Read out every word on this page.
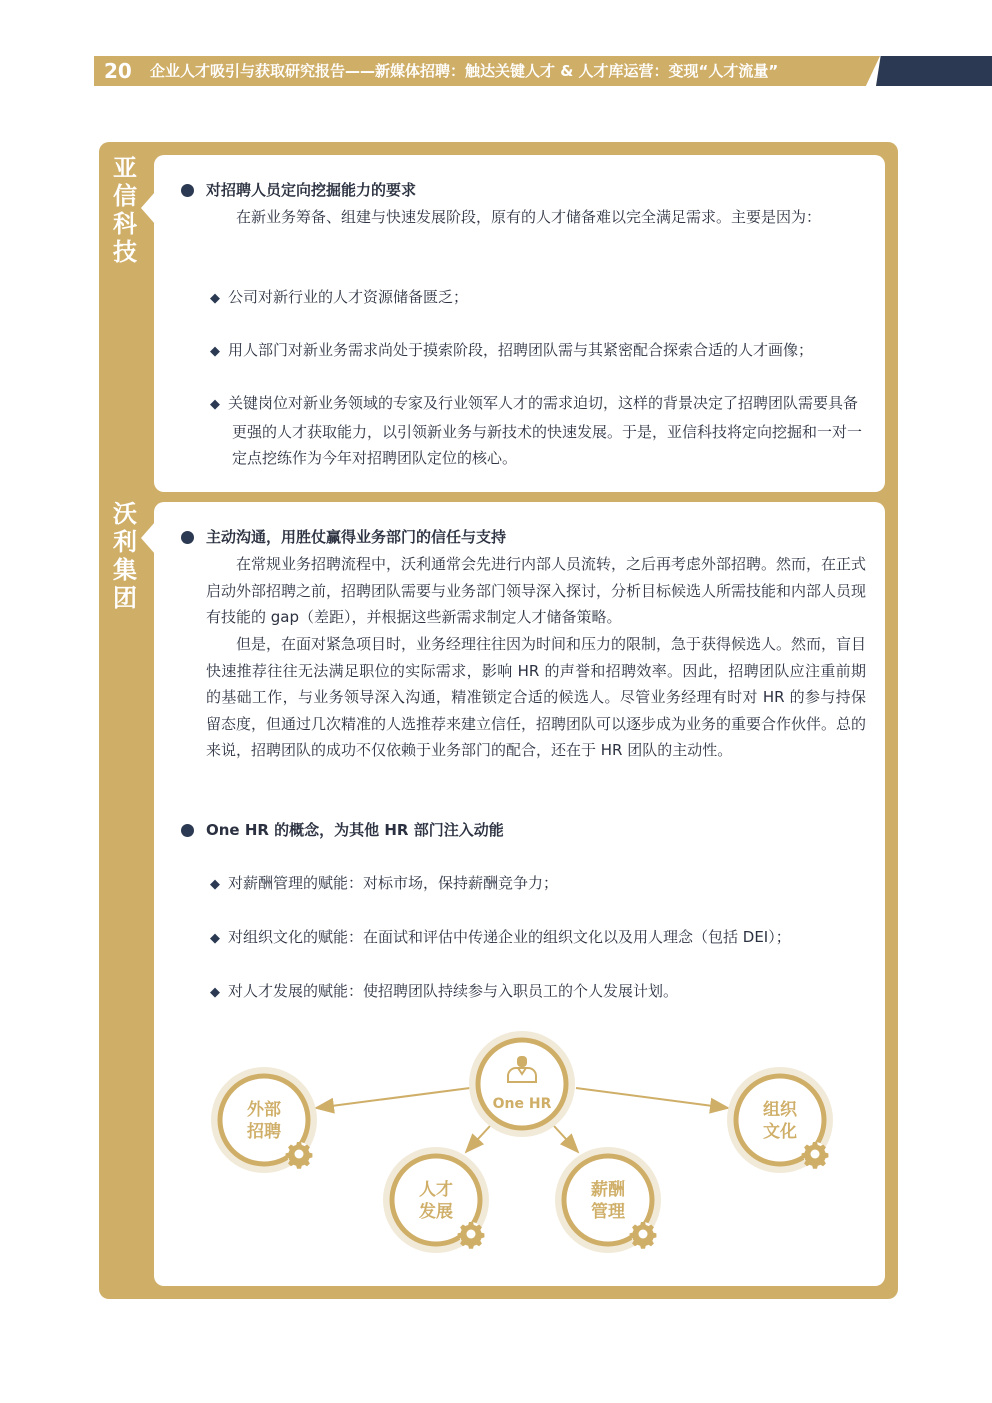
20 企业人才吸引与获取研究报告——新媒体招聘：触达关键人才 & 人才库运营：变现“人才流量”
亚信科技
沃利集团
对招聘人员定向挖掘能力的要求
在新业务筹备、组建与快速发展阶段，原有的人才储备难以完全满足需求。主要是因为：
◆ 公司对新行业的人才资源储备匮乏；
◆ 用人部门对新业务需求尚处于摸索阶段，招聘团队需与其紧密配合探索合适的人才画像；
◆ 关键岗位对新业务领域的专家及行业领军人才的需求迫切，这样的背景决定了招聘团队需要具备更强的人才获取能力，以引领新业务与新技术的快速发展。于是，亚信科技将定向挖掘和一对一定点挖练作为今年对招聘团队定位的核心。
主动沟通，用胜仗赢得业务部门的信任与支持
在常规业务招聘流程中，沃利通常会先进行内部人员流转，之后再考虑外部招聘。然而，在正式启动外部招聘之前，招聘团队需要与业务部门领导深入探讨，分析目标候选人所需技能和内部人员现有技能的 gap（差距），并根据这些新需求制定人才储备策略。
但是，在面对紧急项目时，业务经理往往因为时间和压力的限制，急于获得候选人。然而，盲目快速推荐往往无法满足职位的实际需求，影响 HR 的声誉和招聘效率。因此，招聘团队应注重前期的基础工作，与业务领导深入沟通，精准锁定合适的候选人。尽管业务经理有时对 HR 的参与持保留态度，但通过几次精准的人选推荐来建立信任，招聘团队可以逐步成为业务的重要合作伙伴。总的来说，招聘团队的成功不仅依赖于业务部门的配合，还在于 HR 团队的主动性。
One HR 的概念，为其他 HR 部门注入动能
◆ 对薪酬管理的赋能：对标市场，保持薪酬竞争力；
◆ 对组织文化的赋能：在面试和评估中传递企业的组织文化以及用人理念（包括 DEI）；
◆ 对人才发展的赋能：使招聘团队持续参与入职员工的个人发展计划。
One HR
外部
招聘
人才
发展
薪酬
管理
组织
文化
